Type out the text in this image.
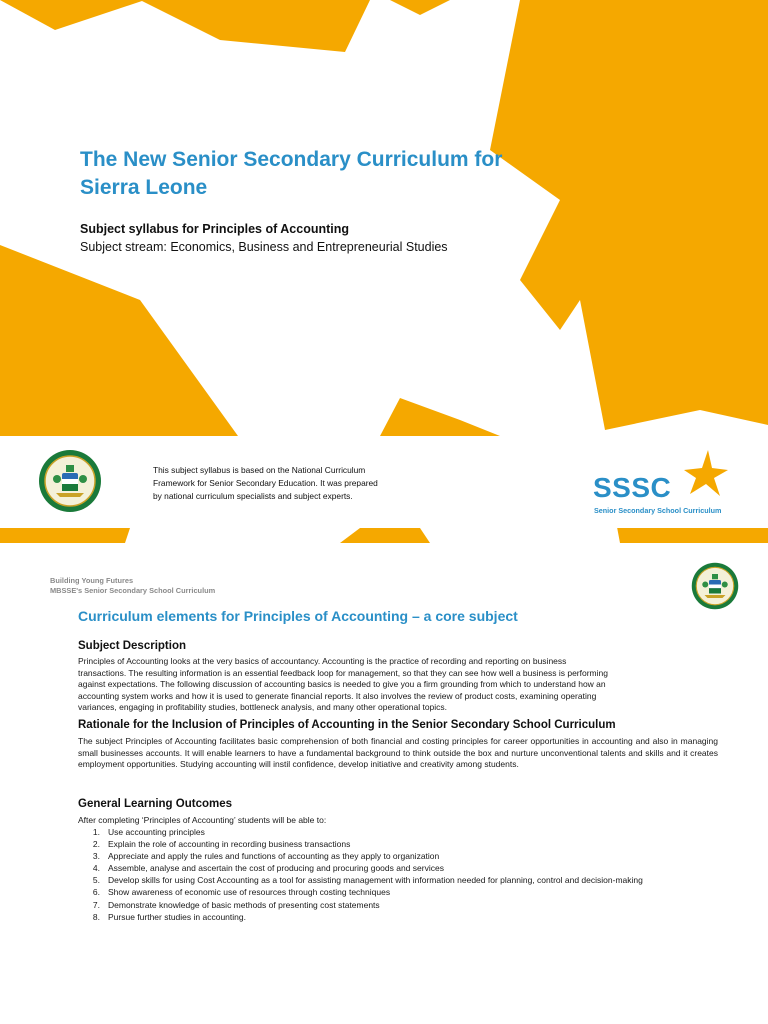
The New Senior Secondary Curriculum for Sierra Leone

Subject syllabus for Principles of Accounting

Subject stream: Economics, Business and Entrepreneurial Studies

This subject syllabus is based on the National Curriculum
Framework for Senior Secondary Education. It was prepared
by national curriculum specialists and subject experts.	SSSC
Senior Secondary School Curriculum
Building Young Futures
MBSSE's Senior Secondary School Curriculum
Curriculum elements for Principles of Accounting – a core subject
Subject Description
Principles of Accounting looks at the very basics of accountancy. Accounting is the practice of recording and reporting on business
transactions. The resulting information is an essential feedback loop for management, so that they can see how well a business is performing
against expectations. The following discussion of accounting basics is needed to give you a firm grounding from which to understand how an
accounting system works and how it is used to generate financial reports. It also involves the review of product costs, examining operating
variances, engaging in profitability studies, bottleneck analysis, and many other operational topics.
Rationale for the Inclusion of Principles of Accounting in the Senior Secondary School Curriculum

The subject Principles of Accounting facilitates basic comprehension of both financial and costing principles for career opportunities in accounting and also in managing small businesses accounts. It will enable learners to have a fundamental background to think outside the box and nurture unconventional talents and skills and it creates employment opportunities. Studying accounting will instil confidence, develop initiative and creativity among students.

General Learning Outcomes

After completing ‘Principles of Accounting’ students will be able to:

1. Use accounting principles
2. Explain the role of accounting in recording business transactions
3. Appreciate and apply the rules and functions of accounting as they apply to organization
4. Assemble, analyse and ascertain the cost of producing and procuring goods and services
5. Develop skills for using Cost Accounting as a tool for assisting management with information needed for planning, control and decision-making
6. Show awareness of economic use of resources through costing techniques
7. Demonstrate knowledge of basic methods of presenting cost statements
8. Pursue further studies in accounting.
